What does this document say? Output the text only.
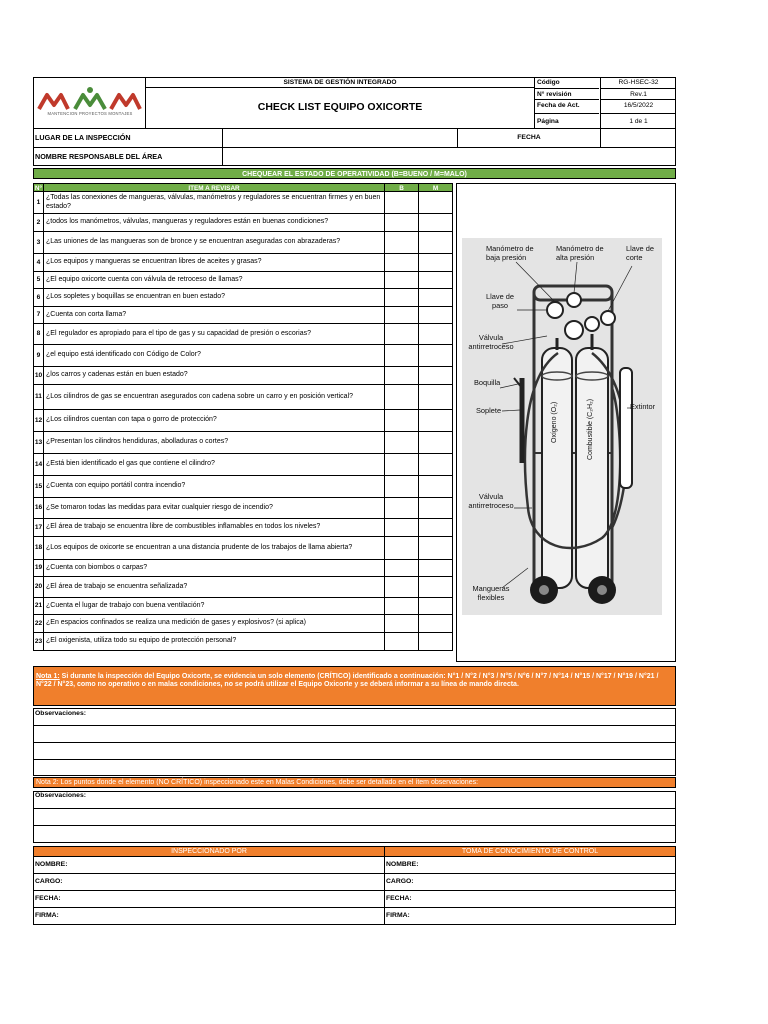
MANTENCION PROYECTOS MONTAJES
SISTEMA DE GESTIÓN INTEGRADO
CHECK LIST EQUIPO OXICORTE
Código	RG-HSEC-32
N° revisión	Rev.1
Fecha de Act.	16/5/2022
Página	1 de 1
LUGAR DE LA INSPECCIÓN	FECHA
NOMBRE RESPONSABLE DEL ÁREA
CHEQUEAR EL ESTADO DE OPERATIVIDAD (B=BUENO / M=MALO)
N°	ITEM A REVISAR	B	M
1
¿Todas las conexiones de mangueras, válvulas, manómetros y reguladores se encuentran firmes y en buen estado?
2 ¿todos los manómetros, válvulas, mangueras y reguladores están en buenas condiciones?
3 ¿Las uniones de las mangueras son de bronce y se encuentran aseguradas con abrazaderas?
4 ¿Los equipos y mangueras se encuentran libres de aceites y grasas?
5 ¿El equipo oxicorte cuenta con válvula de retroceso de llamas?
6 ¿Los sopletes y boquillas se encuentran en buen estado?
7 ¿Cuenta con corta llama?
8 ¿El regulador es apropiado para el tipo de gas y su capacidad de presión o escorias?
9 ¿el equipo está identificado con Código de Color?
10 ¿los carros y cadenas están en buen estado?
11 ¿Los cilindros de gas se encuentran asegurados con cadena sobre un carro y en posición vertical?
12 ¿Los cilindros cuentan con tapa o gorro de protección?
13 ¿Presentan los cilindros hendiduras, abolladuras o cortes?
14 ¿Está bien identificado el gas que contiene el cilindro?
15 ¿Cuenta con equipo portátil contra incendio?
16 ¿Se tomaron todas las medidas para evitar cualquier riesgo de incendio?
17 ¿El área de trabajo se encuentra libre de combustibles inflamables en todos los niveles?
18 ¿Los equipos de oxicorte se encuentran a una distancia prudente de los trabajos de llama abierta?
19 ¿Cuenta con biombos o carpas?
20 ¿El área de trabajo se encuentra señalizada?
21 ¿Cuenta el lugar de trabajo con buena ventilación?
22 ¿En espacios confinados se realiza una medición de gases y explosivos? (si aplica)
23 ¿El oxigenista, utiliza todo su equipo de protección personal?
Manómetro de baja presión
Manómetro de alta presión
Llave de corte
Llave de paso
Válvula antirretroceso
Boquilla
Soplete	Oxígeno (O₂)	Combustible (C₂H₂)	Extintor
Válvula antirretroceso
Mangueras flexibles
Nota 1: Si durante la inspección del Equipo Oxicorte, se evidencia un solo elemento (CRÍTICO) identificado a continuación: N°1 / N°2 / N°3 / N°5 / N°6 / N°7 / N°14 / N°15 / N°17 / N°19 / N°21 / N°22 / N°23, como no operativo o en malas condiciones, no se podrá utilizar el Equipo Oxicorte y se deberá informar a su línea de mando directa.
Observaciones:
Nota 2: Los puntos donde el elemento (NO CRÍTICO) inspeccionado este en Malas Condiciones, debe ser detallado en el ítem observaciones:
Observaciones:
INSPECCIONADO POR	TOMA DE CONOCIMIENTO DE CONTROL
NOMBRE:	NOMBRE:
CARGO:	CARGO:
FECHA:	FECHA:
FIRMA:	FIRMA:
